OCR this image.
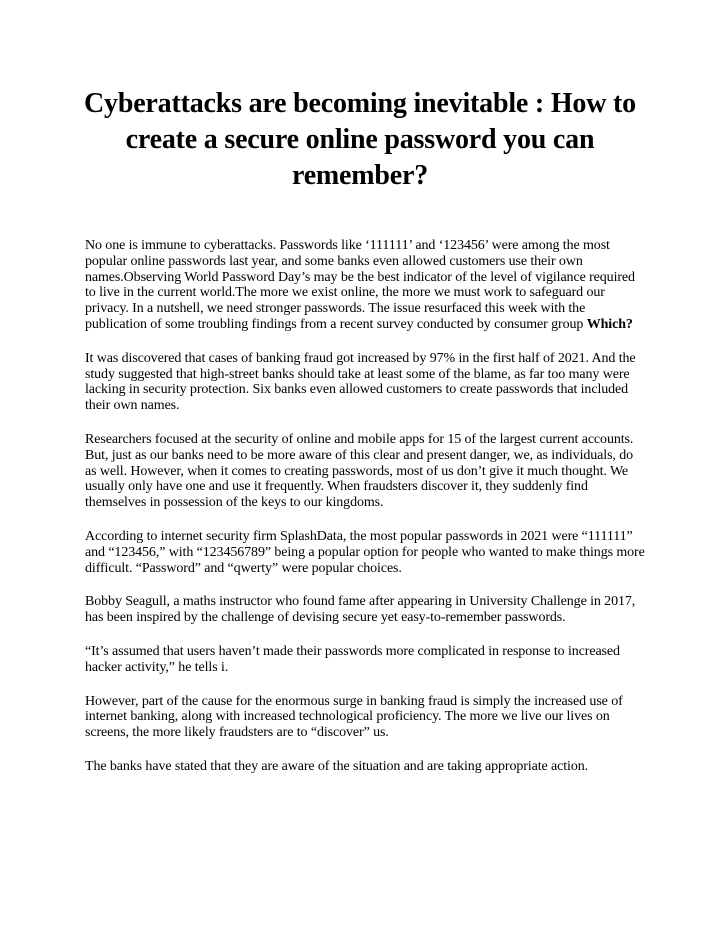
Cyberattacks are becoming inevitable : How to create a secure online password you can remember?

No one is immune to cyberattacks. Passwords like ‘111111’ and ‘123456’ were among the most popular online passwords last year, and some banks even allowed customers use their own names.Observing World Password Day’s may be the best indicator of the level of vigilance required to live in the current world.The more we exist online, the more we must work to safeguard our privacy. In a nutshell, we need stronger passwords. The issue resurfaced this week with the publication of some troubling findings from a recent survey conducted by consumer group Which?

It was discovered that cases of banking fraud got increased by 97% in the first half of 2021. And the study suggested that high-street banks should take at least some of the blame, as far too many were lacking in security protection. Six banks even allowed customers to create passwords that included their own names.

Researchers focused at the security of online and mobile apps for 15 of the largest current accounts. But, just as our banks need to be more aware of this clear and present danger, we, as individuals, do as well. However, when it comes to creating passwords, most of us don’t give it much thought. We usually only have one and use it frequently. When fraudsters discover it, they suddenly find themselves in possession of the keys to our kingdoms.

According to internet security firm SplashData, the most popular passwords in 2021 were “111111” and “123456,” with “123456789” being a popular option for people who wanted to make things more difficult. “Password” and “qwerty” were popular choices.

Bobby Seagull, a maths instructor who found fame after appearing in University Challenge in 2017, has been inspired by the challenge of devising secure yet easy-to-remember passwords.

“It’s assumed that users haven’t made their passwords more complicated in response to increased hacker activity,” he tells i.

However, part of the cause for the enormous surge in banking fraud is simply the increased use of internet banking, along with increased technological proficiency. The more we live our lives on screens, the more likely fraudsters are to “discover” us.

The banks have stated that they are aware of the situation and are taking appropriate action.
